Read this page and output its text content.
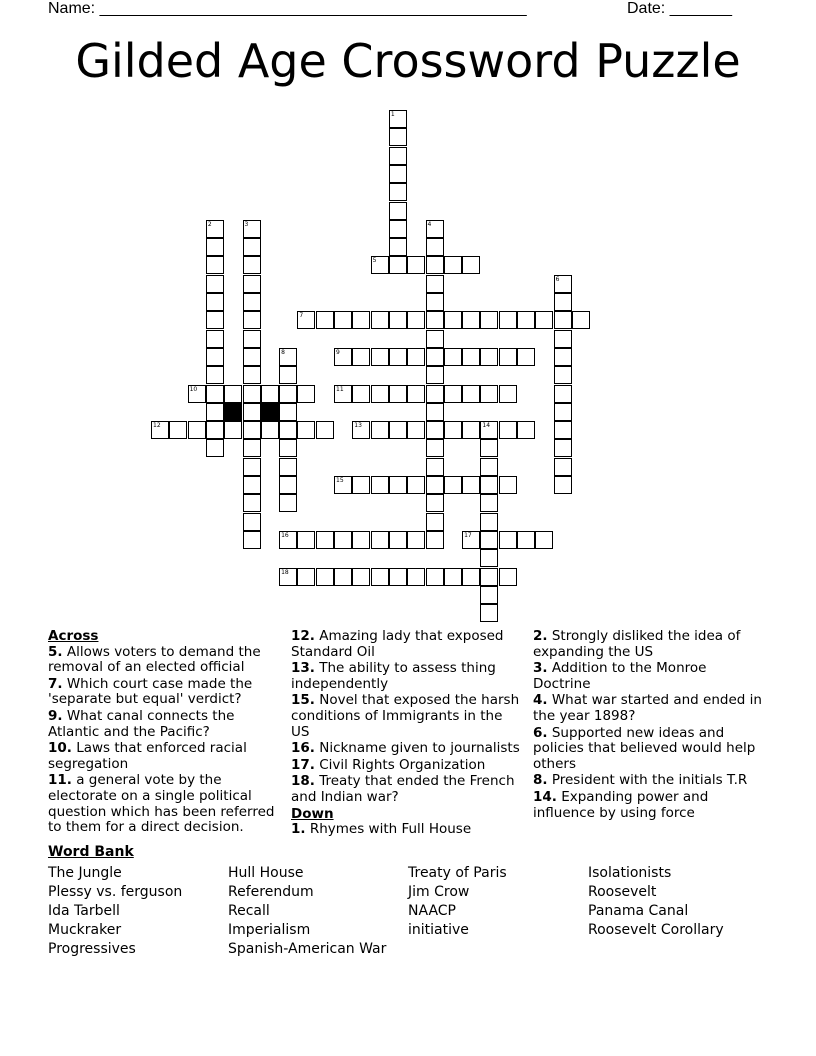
Name: ________________________________________________	Date: _______
Gilded Age Crossword Puzzle
1
2	3	4
5
6
7
8	9
10	11
12	13	14
15
16	17
18
Across
5. Allows voters to demand the removal of an elected official
7. Which court case made the 'separate but equal' verdict?
9. What canal connects the Atlantic and the Pacific?
10. Laws that enforced racial segregation
11. a general vote by the electorate on a single political question which has been referred to them for a direct decision.
12. Amazing lady that exposed Standard Oil
13. The ability to assess thing independently
15. Novel that exposed the harsh conditions of Immigrants in the US
16. Nickname given to journalists
17. Civil Rights Organization
18. Treaty that ended the French and Indian war?
Down
1. Rhymes with Full House
2. Strongly disliked the idea of expanding the US
3. Addition to the Monroe Doctrine
4. What war started and ended in the year 1898?
6. Supported new ideas and policies that believed would help others
8. President with the initials T.R
14. Expanding power and influence by using force
Word Bank
The Jungle
Plessy vs. ferguson
Ida Tarbell
Muckraker
Progressives
Hull House
Referendum
Recall
Imperialism
Spanish-American War
Treaty of Paris
Jim Crow
NAACP
initiative
Isolationists
Roosevelt
Panama Canal
Roosevelt Corollary
